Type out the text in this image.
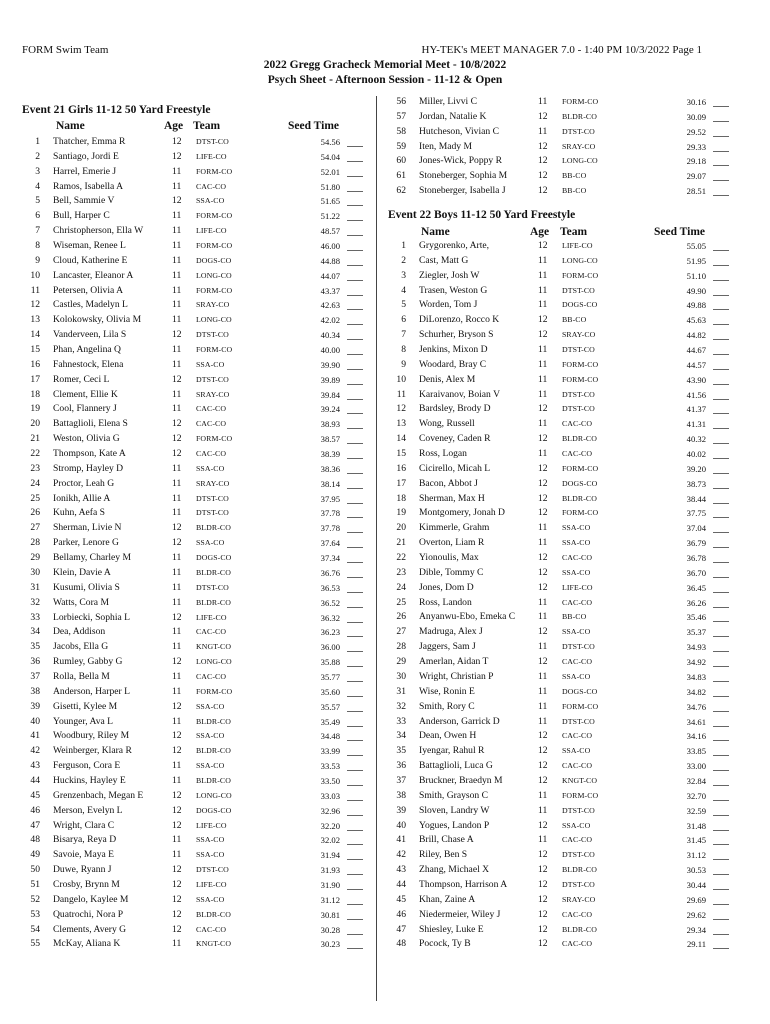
FORM Swim Team	HY-TEK's MEET MANAGER 7.0 - 1:40 PM 10/3/2022 Page 1
2022 Gregg Gracheck Memorial Meet - 10/8/2022
Psych Sheet - Afternoon Session - 11-12 & Open
Event 21 Girls 11-12 50 Yard Freestyle
Name	Age Team	Seed Time
1 Thatcher, Emma R	12 DTST-CO	54.56
2 Santiago, Jordi E	12 LIFE-CO	54.04
3 Harrel, Emerie J	11 FORM-CO	52.01
4 Ramos, Isabella A	11 CAC-CO	51.80
5 Bell, Sammie V	12 SSA-CO	51.65
6 Bull, Harper C	11 FORM-CO	51.22
7 Christopherson, Ella W	11 LIFE-CO	48.57
8 Wiseman, Renee L	11 FORM-CO	46.00
9 Cloud, Katherine E	11 DOGS-CO	44.88
10 Lancaster, Eleanor A	11 LONG-CO	44.07
11 Petersen, Olivia A	11 FORM-CO	43.37
12 Castles, Madelyn L	11 SRAY-CO	42.63
13 Kolokowsky, Olivia M	11 LONG-CO	42.02
14 Vanderveen, Lila S	12 DTST-CO	40.34
15 Phan, Angelina Q	11 FORM-CO	40.00
16 Fahnestock, Elena	11 SSA-CO	39.90
17 Romer, Ceci L	12 DTST-CO	39.89
18 Clement, Ellie K	11 SRAY-CO	39.84
19 Cool, Flannery J	11 CAC-CO	39.24
20 Battaglioli, Elena S	12 CAC-CO	38.93
21 Weston, Olivia G	12 FORM-CO	38.57
22 Thompson, Kate A	12 CAC-CO	38.39
23 Stromp, Hayley D	11 SSA-CO	38.36
24 Proctor, Leah G	11 SRAY-CO	38.14
25 Ionikh, Allie A	11 DTST-CO	37.95
26 Kuhn, Aefa S	11 DTST-CO	37.78
27 Sherman, Livie N	12 BLDR-CO	37.78
28 Parker, Lenore G	12 SSA-CO	37.64
29 Bellamy, Charley M	11 DOGS-CO	37.34
30 Klein, Davie A	11 BLDR-CO	36.76
31 Kusumi, Olivia S	11 DTST-CO	36.53
32 Watts, Cora M	11 BLDR-CO	36.52
33 Lorbiecki, Sophia L	12 LIFE-CO	36.32
34 Dea, Addison	11 CAC-CO	36.23
35 Jacobs, Ella G	11 KNGT-CO	36.00
36 Rumley, Gabby G	12 LONG-CO	35.88
37 Rolla, Bella M	11 CAC-CO	35.77
38 Anderson, Harper L	11 FORM-CO	35.60
39 Gisetti, Kylee M	12 SSA-CO	35.57
40 Younger, Ava L	11 BLDR-CO	35.49
41 Woodbury, Riley M	12 SSA-CO	34.48
42 Weinberger, Klara R	12 BLDR-CO	33.99
43 Ferguson, Cora E	11 SSA-CO	33.53
44 Huckins, Hayley E	11 BLDR-CO	33.50
45 Grenzenbach, Megan E	12 LONG-CO	33.03
46 Merson, Evelyn L	12 DOGS-CO	32.96
47 Wright, Clara C	12 LIFE-CO	32.20
48 Bisarya, Reya D	11 SSA-CO	32.02
49 Savoie, Maya E	11 SSA-CO	31.94
50 Duwe, Ryann J	12 DTST-CO	31.93
51 Crosby, Brynn M	12 LIFE-CO	31.90
52 Dangelo, Kaylee M	12 SSA-CO	31.12
53 Quatrochi, Nora P	12 BLDR-CO	30.81
54 Clements, Avery G	12 CAC-CO	30.28
55 McKay, Aliana K	11 KNGT-CO	30.23
56 Miller, Livvi C	11 FORM-CO	30.16
57 Jordan, Natalie K	12 BLDR-CO	30.09
58 Hutcheson, Vivian C	11 DTST-CO	29.52
59 Iten, Mady M	12 SRAY-CO	29.33
60 Jones-Wick, Poppy R	12 LONG-CO	29.18
61 Stoneberger, Sophia M	12 BB-CO	29.07
62 Stoneberger, Isabella J	12 BB-CO	28.51
Event 22 Boys 11-12 50 Yard Freestyle
Name	Age Team	Seed Time
1 Grygorenko, Arte,	12 LIFE-CO	55.05
2 Cast, Matt G	11 LONG-CO	51.95
3 Ziegler, Josh W	11 FORM-CO	51.10
4 Trasen, Weston G	11 DTST-CO	49.90
5 Worden, Tom J	11 DOGS-CO	49.88
6 DiLorenzo, Rocco K	12 BB-CO	45.63
7 Schurher, Bryson S	12 SRAY-CO	44.82
8 Jenkins, Mixon D	11 DTST-CO	44.67
9 Woodard, Bray C	11 FORM-CO	44.57
10 Denis, Alex M	11 FORM-CO	43.90
11 Karaivanov, Boian V	11 DTST-CO	41.56
12 Bardsley, Brody D	12 DTST-CO	41.37
13 Wong, Russell	11 CAC-CO	41.31
14 Coveney, Caden R	12 BLDR-CO	40.32
15 Ross, Logan	11 CAC-CO	40.02
16 Cicirello, Micah L	12 FORM-CO	39.20
17 Bacon, Abbot J	12 DOGS-CO	38.73
18 Sherman, Max H	12 BLDR-CO	38.44
19 Montgomery, Jonah D	12 FORM-CO	37.75
20 Kimmerle, Grahm	11 SSA-CO	37.04
21 Overton, Liam R	11 SSA-CO	36.79
22 Yionoulis, Max	12 CAC-CO	36.78
23 Dible, Tommy C	12 SSA-CO	36.70
24 Jones, Dom D	12 LIFE-CO	36.45
25 Ross, Landon	11 CAC-CO	36.26
26 Anyanwu-Ebo, Emeka C 11 BB-CO	35.46
27 Madruga, Alex J	12 SSA-CO	35.37
28 Jaggers, Sam J	11 DTST-CO	34.93
29 Amerlan, Aidan T	12 CAC-CO	34.92
30 Wright, Christian P	11 SSA-CO	34.83
31 Wise, Ronin E	11 DOGS-CO	34.82
32 Smith, Rory C	11 FORM-CO	34.76
33 Anderson, Garrick D	11 DTST-CO	34.61
34 Dean, Owen H	12 CAC-CO	34.16
35 Iyengar, Rahul R	12 SSA-CO	33.85
36 Battaglioli, Luca G	12 CAC-CO	33.00
37 Bruckner, Braedyn M	12 KNGT-CO	32.84
38 Smith, Grayson C	11 FORM-CO	32.70
39 Sloven, Landry W	11 DTST-CO	32.59
40 Yogues, Landon P	12 SSA-CO	31.48
41 Brill, Chase A	11 CAC-CO	31.45
42 Riley, Ben S	12 DTST-CO	31.12
43 Zhang, Michael X	12 BLDR-CO	30.53
44 Thompson, Harrison A	12 DTST-CO	30.44
45 Khan, Zaine A	12 SRAY-CO	29.69
46 Niedermeier, Wiley J	12 CAC-CO	29.62
47 Shiesley, Luke E	12 BLDR-CO	29.34
48 Pocock, Ty B	12 CAC-CO	29.11
